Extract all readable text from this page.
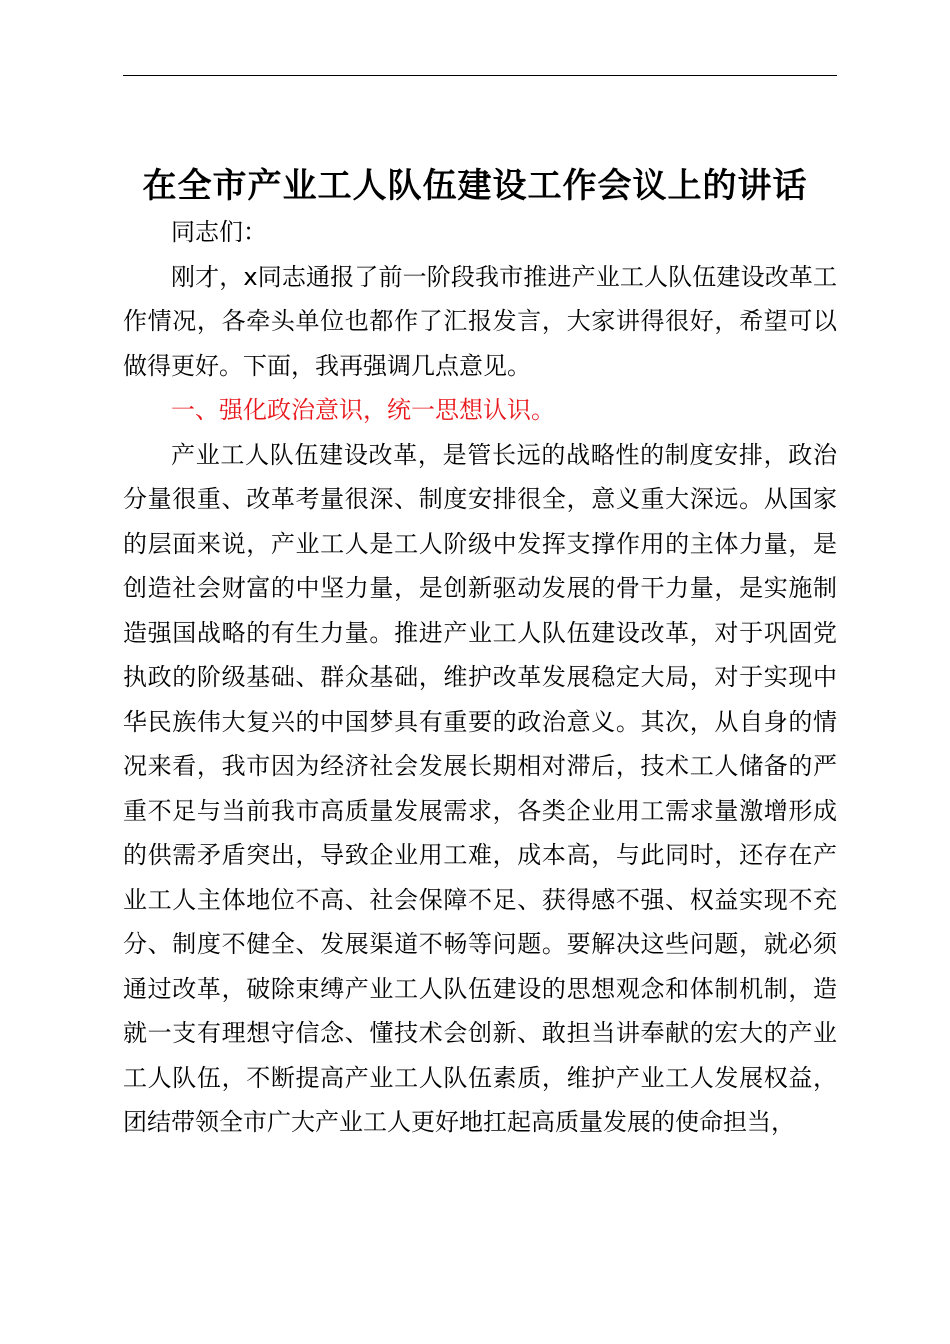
在全市产业工人队伍建设工作会议上的讲话

同志们：

刚才，x同志通报了前一阶段我市推进产业工人队伍建设改革工作情况，各牵头单位也都作了汇报发言，大家讲得很好，希望可以做得更好。下面，我再强调几点意见。

一、强化政治意识，统一思想认识。

产业工人队伍建设改革，是管长远的战略性的制度安排，政治分量很重、改革考量很深、制度安排很全，意义重大深远。从国家的层面来说，产业工人是工人阶级中发挥支撑作用的主体力量，是创造社会财富的中坚力量，是创新驱动发展的骨干力量，是实施制造强国战略的有生力量。推进产业工人队伍建设改革，对于巩固党执政的阶级基础、群众基础，维护改革发展稳定大局，对于实现中华民族伟大复兴的中国梦具有重要的政治意义。其次，从自身的情况来看，我市因为经济社会发展长期相对滞后，技术工人储备的严重不足与当前我市高质量发展需求，各类企业用工需求量激增形成的供需矛盾突出，导致企业用工难，成本高，与此同时，还存在产业工人主体地位不高、社会保障不足、获得感不强、权益实现不充分、制度不健全、发展渠道不畅等问题。要解决这些问题，就必须通过改革，破除束缚产业工人队伍建设的思想观念和体制机制，造就一支有理想守信念、懂技术会创新、敢担当讲奉献的宏大的产业工人队伍，不断提高产业工人队伍素质，维护产业工人发展权益，团结带领全市广大产业工人更好地扛起高质量发展的使命担当，
